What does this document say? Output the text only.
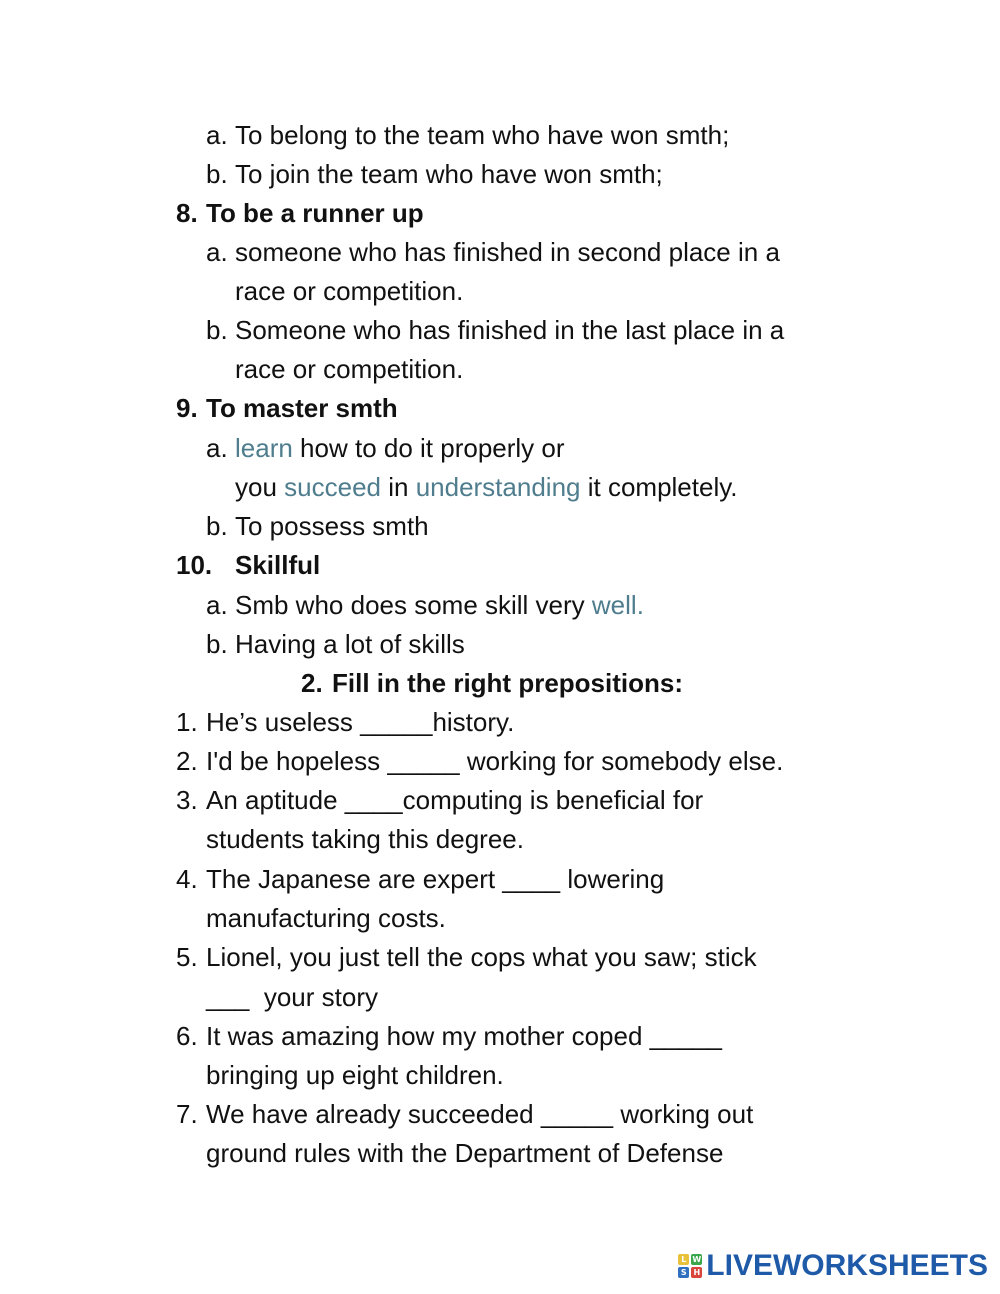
a. To belong to the team who have won smth;
b. To join the team who have won smth;
8. To be a runner up
a. someone who has finished in second place in a
race or competition.
b. Someone who has finished in the last place in a
race or competition.
9. To master smth
a. learn how to do it properly or
you succeed in understanding it completely.
b. To possess smth
10. Skillful
a. Smb who does some skill very well.
b. Having a lot of skills
2. Fill in the right prepositions:
1. He’s useless _____history.
2. I'd be hopeless _____ working for somebody else.
3. An aptitude ____computing is beneficial for
students taking this degree.
4. The Japanese are expert ____ lowering
manufacturing costs.
5. Lionel, you just tell the cops what you saw; stick
___  your story
6. It was amazing how my mother coped _____
bringing up eight children.
7. We have already succeeded _____ working out
ground rules with the Department of Defense
L W
S H LIVEWORKSHEETS
